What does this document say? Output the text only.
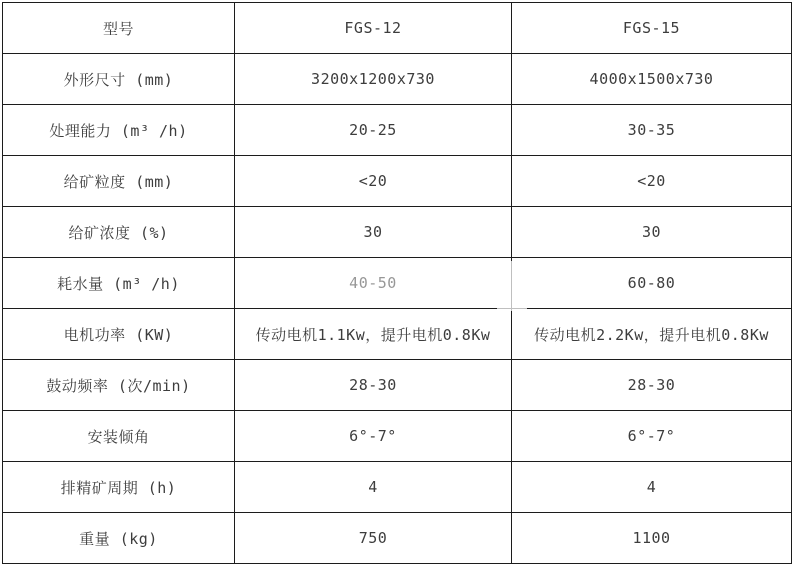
型号	FGS-12	FGS-15
外形尺寸 (mm)	3200x1200x730	4000x1500x730
处理能力 (m³ /h)	20-25	30-35
给矿粒度 (mm)	<20	<20
给矿浓度 (%)	30	30
耗水量 (m³ /h)	40-50	60-80
电机功率 (KW)	传动电机1.1Kw，提升电机0.8Kw	传动电机2.2Kw，提升电机0.8Kw
鼓动频率 (次/min)	28-30	28-30
安装倾角	6°-7°	6°-7°
排精矿周期 (h)	4	4
重量 (kg)	750	1100
